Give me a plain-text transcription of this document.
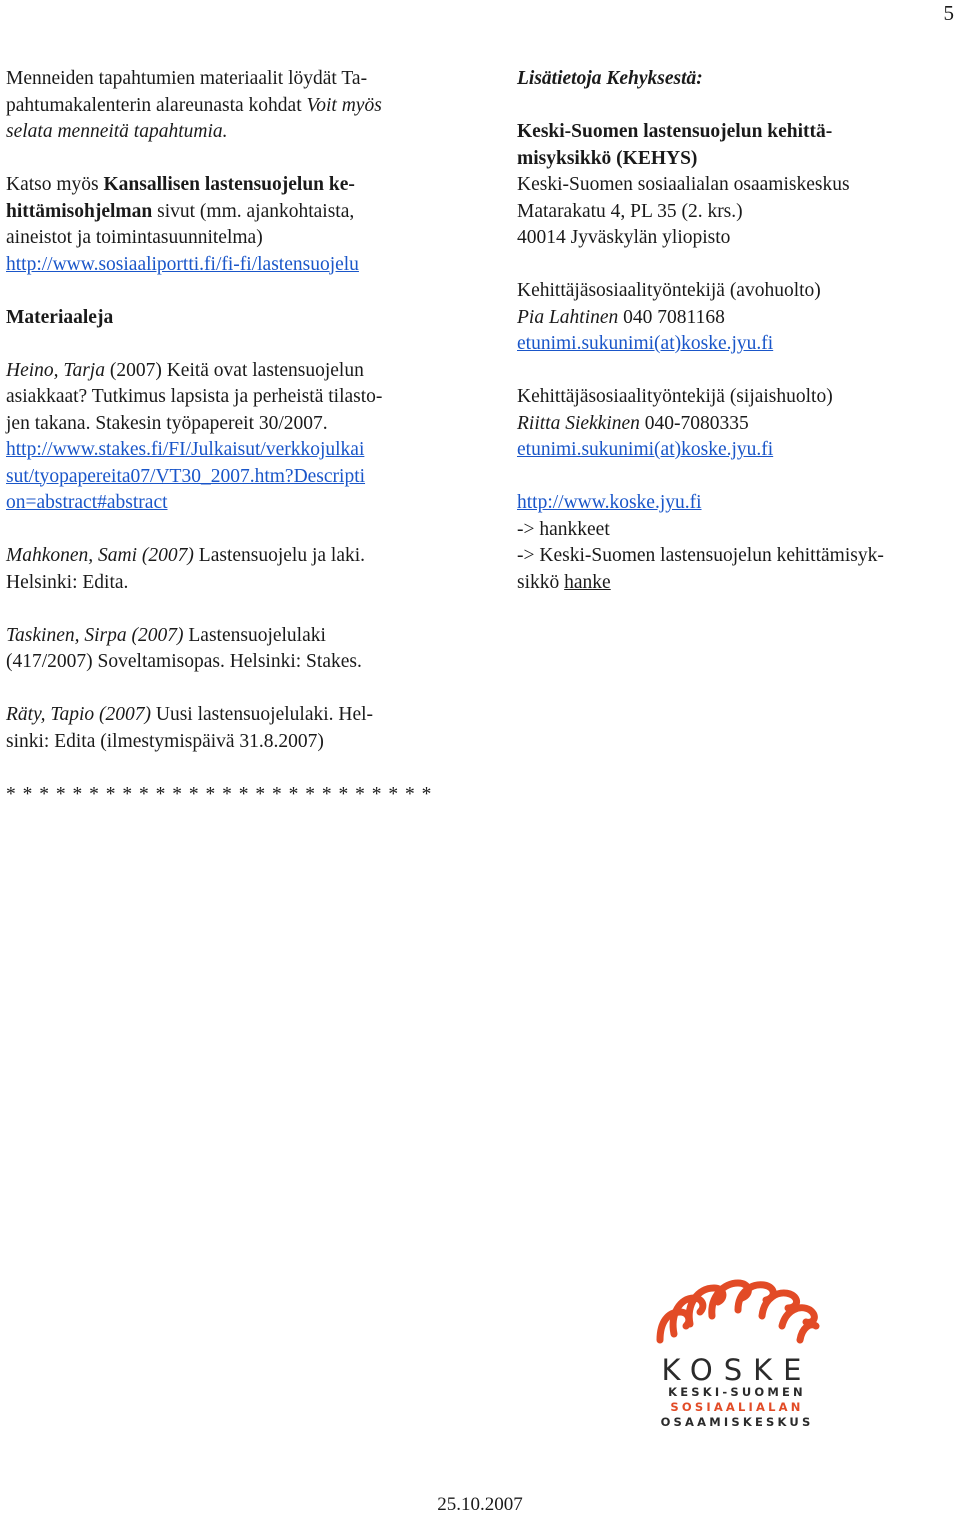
5

Menneiden tapahtumien materiaalit löydät Ta-
pahtumakalenterin alareunasta kohdat Voit myös
selata menneitä tapahtumia.

Katso myös Kansallisen lastensuojelun ke-
hittämisohjelman sivut (mm. ajankohtaista,
aineistot ja toimintasuunnitelma)
http://www.sosiaaliportti.fi/fi-fi/lastensuojelu

Materiaaleja

Heino, Tarja (2007) Keitä ovat lastensuojelun
asiakkaat? Tutkimus lapsista ja perheistä tilasto-
jen takana. Stakesin työpapereit 30/2007.
http://www.stakes.fi/FI/Julkaisut/verkkojulkai
sut/tyopapereita07/VT30_2007.htm?Descripti
on=abstract#abstract

Mahkonen, Sami (2007) Lastensuojelu ja laki.
Helsinki: Edita.

Taskinen, Sirpa (2007) Lastensuojelulaki
(417/2007) Soveltamisopas. Helsinki: Stakes.

Räty, Tapio (2007) Uusi lastensuojelulaki. Hel-
sinki: Edita (ilmestymispäivä 31.8.2007)

* * * * * * * * * * * * * * * * * * * * * * * * * *

Lisätietoja Kehyksestä:

Keski-Suomen lastensuojelun kehittä-
misyksikkö (KEHYS)

Keski-Suomen sosiaalialan osaamiskeskus
Matarakatu 4, PL 35 (2. krs.)
40014 Jyväskylän yliopisto

Kehittäjäsosiaalityöntekijä (avohuolto)
Pia Lahtinen 040 7081168
etunimi.sukunimi(at)koske.jyu.fi

Kehittäjäsosiaalityöntekijä (sijaishuolto)
Riitta Siekkinen 040-7080335
etunimi.sukunimi(at)koske.jyu.fi

http://www.koske.jyu.fi
-> hankkeet
-> Keski-Suomen lastensuojelun kehittämisyk-
sikkö hanke

KOSKE
KESKI-SUOMEN
SOSIAALIALAN
OSAAMISKESKUS
25.10.2007
